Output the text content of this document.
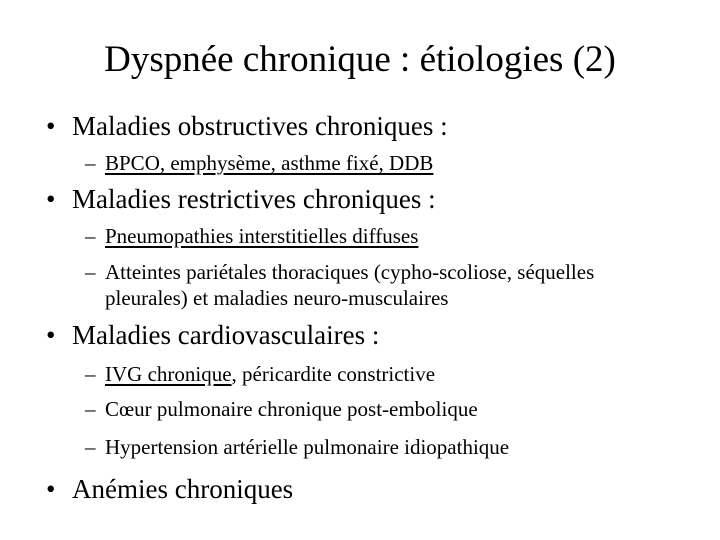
Dyspnée chronique : étiologies (2)
• Maladies obstructives chroniques :
– BPCO, emphysème, asthme fixé, DDB
• Maladies restrictives chroniques :
– Pneumopathies interstitielles diffuses
– Atteintes pariétales thoraciques (cypho-scoliose, séquelles
pleurales) et maladies neuro-musculaires
• Maladies cardiovasculaires :
– IVG chronique, péricardite constrictive
– Cœur pulmonaire chronique post-embolique
– Hypertension artérielle pulmonaire idiopathique
• Anémies chroniques
